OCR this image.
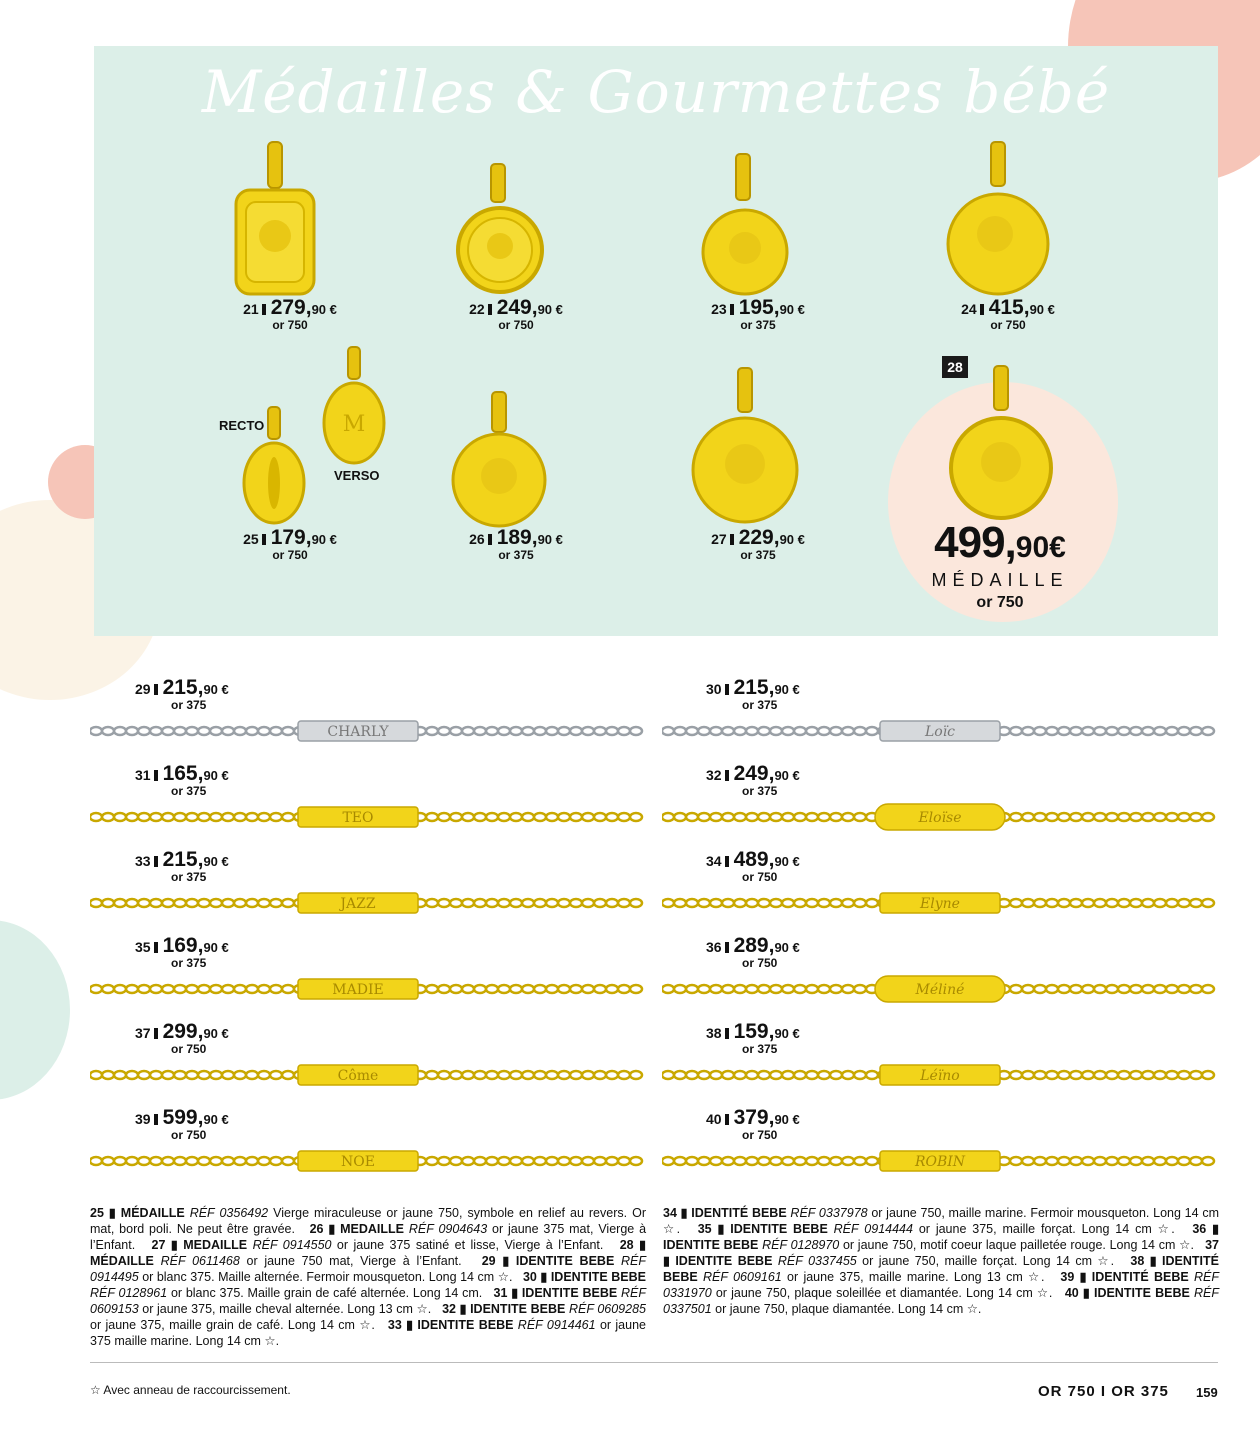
Médailles & Gourmettes bébé
M
21 279,90 €
or 750
22 249,90 €
or 750
23 195,90 €
or 375
24 415,90 €
or 750
25 179,90 €
or 750
26 189,90 €
or 375
27 229,90 €
or 375
RECTO
VERSO
28
499,90€
MÉDAILLE
or 750
29 215,90 €
or 375
CHARLY
30 215,90 €
or 375
Loïc
31 165,90 €
or 375
TEO
32 249,90 €
or 375
Eloïse
33 215,90 €
or 375
JAZZ
34 489,90 €
or 750
Elyne
35 169,90 €
or 375
MADIE
36 289,90 €
or 750
Méliné
37 299,90 €
or 750
Côme
38 159,90 €
or 375
Léïno
39 599,90 €
or 750
NOE
40 379,90 €
or 750
ROBIN
25 ▮ MÉDAILLE RÉF 0356492 Vierge miraculeuse or jaune 750, symbole en relief au revers. Or mat, bord poli. Ne peut être gravée. 26 ▮ MEDAILLE RÉF 0904643 or jaune 375 mat, Vierge à l’Enfant. 27 ▮ MEDAILLE RÉF 0914550 or jaune 375 satiné et lisse, Vierge à l’Enfant. 28 ▮ MÉDAILLE RÉF 0611468 or jaune 750 mat, Vierge à l’Enfant. 29 ▮ IDENTITE BEBE RÉF 0914495 or blanc 375. Maille alternée. Fermoir mousqueton. Long 14 cm ☆. 30 ▮ IDENTITE BEBE RÉF 0128961 or blanc 375. Maille grain de café alternée. Long 14 cm. 31 ▮ IDENTITE BEBE RÉF 0609153 or jaune 375, maille cheval alternée. Long 13 cm ☆. 32 ▮ IDENTITE BEBE RÉF 0609285 or jaune 375, maille grain de café. Long 14 cm ☆. 33 ▮ IDENTITE BEBE RÉF 0914461 or jaune 375 maille marine. Long 14 cm ☆.
34 ▮ IDENTITÉ BEBE RÉF 0337978 or jaune 750, maille marine. Fermoir mousqueton. Long 14 cm ☆. 35 ▮ IDENTITE BEBE RÉF 0914444 or jaune 375, maille forçat. Long 14 cm ☆. 36 ▮ IDENTITE BEBE RÉF 0128970 or jaune 750, motif coeur laque pailletée rouge. Long 14 cm ☆. 37 ▮ IDENTITE BEBE RÉF 0337455 or jaune 750, maille forçat. Long 14 cm ☆. 38 ▮ IDENTITÉ BEBE RÉF 0609161 or jaune 375, maille marine. Long 13 cm ☆. 39 ▮ IDENTITÉ BEBE RÉF 0331970 or jaune 750, plaque soleillée et diamantée. Long 14 cm ☆. 40 ▮ IDENTITE BEBE RÉF 0337501 or jaune 750, plaque diamantée. Long 14 cm ☆.
☆ Avec anneau de raccourcissement.	OR 750 I OR 375 159
